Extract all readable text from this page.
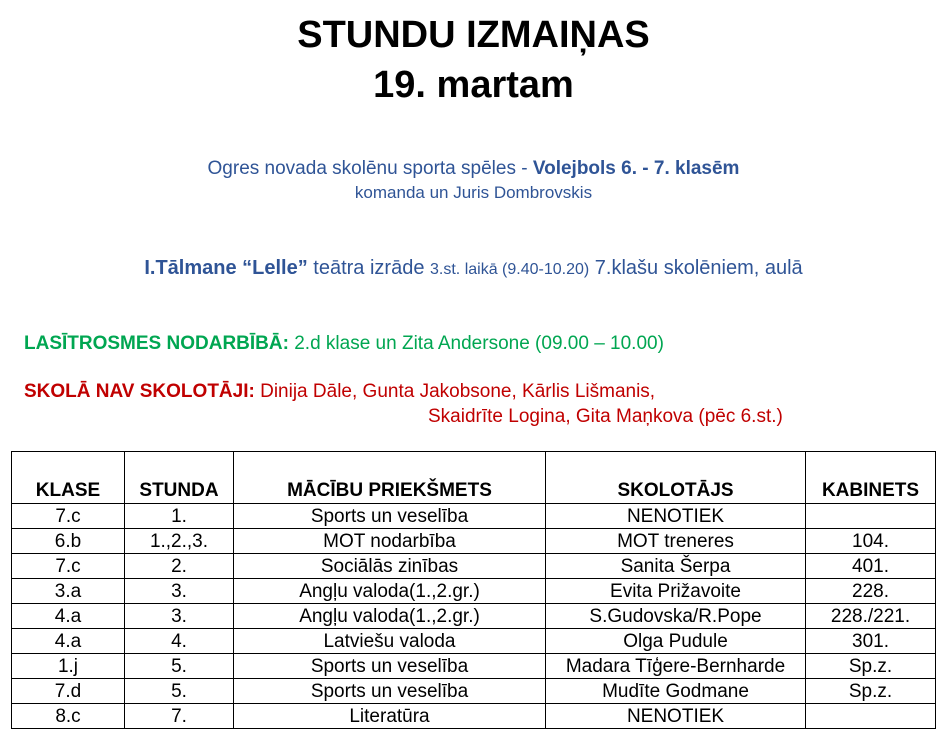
STUNDU IZMAIŅAS
19. martam
Ogres novada skolēnu sporta spēles - Volejbols 6. - 7. klasēm
komanda un Juris Dombrovskis
I.Tālmane “Lelle” teātra izrāde 3.st. laikā (9.40-10.20) 7.klašu skolēniem, aulā
LASĪTROSMES NODARBĪBĀ: 2.d klase un Zita Andersone (09.00 – 10.00)
SKOLĀ NAV SKOLOTĀJI: Dinija Dāle, Gunta Jakobsone, Kārlis Lišmanis,
Skaidrīte Logina, Gita Maņkova (pēc 6.st.)
KLASE	STUNDA	MĀCĪBU PRIEKŠMETS	SKOLOTĀJS	KABINETS
7.c	1.	Sports un veselība	NENOTIEK	
6.b	1.,2.,3.	MOT nodarbība	MOT treneres	104.
7.c	2.	Sociālās zinības	Sanita Šerpa	401.
3.a	3.	Angļu valoda(1.,2.gr.)	Evita Prižavoite	228.
4.a	3.	Angļu valoda(1.,2.gr.)	S.Gudovska/R.Pope	228./221.
4.a	4.	Latviešu valoda	Olga Pudule	301.
1.j	5.	Sports un veselība	Madara Tīģere-Bernharde	Sp.z.
7.d	5.	Sports un veselība	Mudīte Godmane	Sp.z.
8.c	7.	Literatūra	NENOTIEK	
